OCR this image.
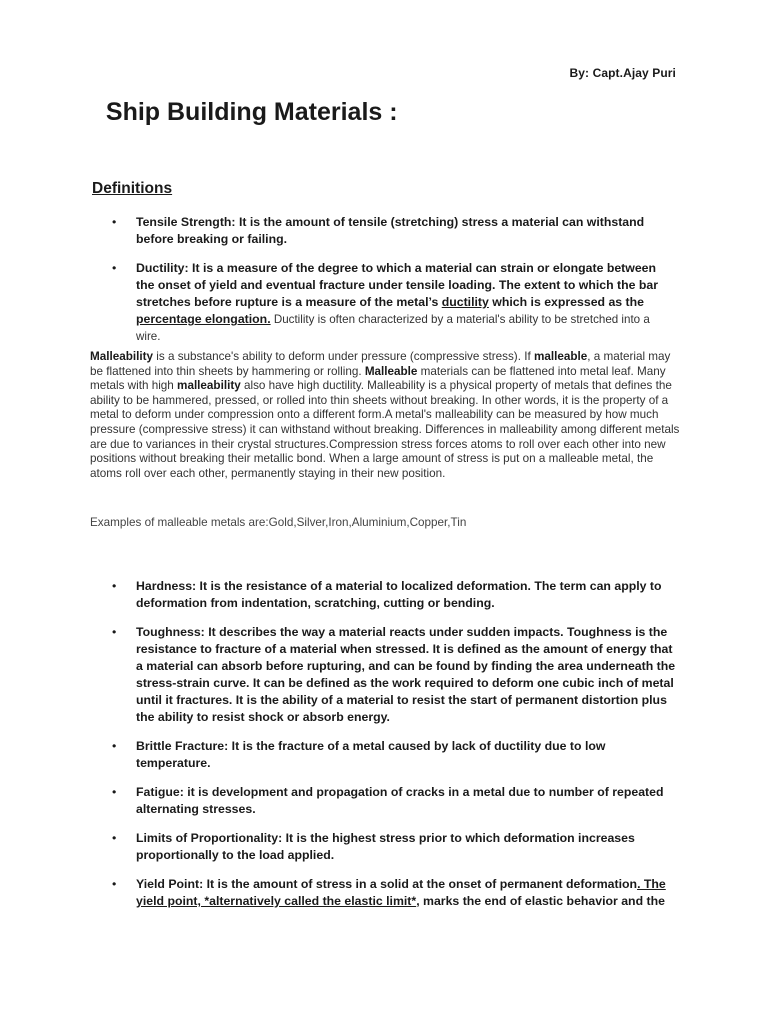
By: Capt.Ajay Puri
Ship Building Materials :
Definitions
• Tensile Strength: It is the amount of tensile (stretching) stress a material can withstand before breaking or failing.
• Ductility: It is a measure of the degree to which a material can strain or elongate between the onset of yield and eventual fracture under tensile loading. The extent to which the bar stretches before rupture is a measure of the metal’s ductility which is expressed as the percentage elongation. Ductility is often characterized by a material's ability to be stretched into a wire.

Malleability is a substance's ability to deform under pressure (compressive stress). If malleable, a material may be flattened into thin sheets by hammering or rolling. Malleable materials can be flattened into metal leaf. Many metals with high malleability also have high ductility. Malleability is a physical property of metals that defines the ability to be hammered, pressed, or rolled into thin sheets without breaking. In other words, it is the property of a metal to deform under compression onto a different form.A metal's malleability can be measured by how much pressure (compressive stress) it can withstand without breaking. Differences in malleability among different metals are due to variances in their crystal structures.Compression stress forces atoms to roll over each other into new positions without breaking their metallic bond. When a large amount of stress is put on a malleable metal, the atoms roll over each other, permanently staying in their new position.

Examples of malleable metals are:Gold,Silver,Iron,Aluminium,Copper,Tin

• Hardness: It is the resistance of a material to localized deformation. The term can apply to deformation from indentation, scratching, cutting or bending.
• Toughness: It describes the way a material reacts under sudden impacts. Toughness is the resistance to fracture of a material when stressed. It is defined as the amount of energy that a material can absorb before rupturing, and can be found by finding the area underneath the stress-strain curve. It can be defined as the work required to deform one cubic inch of metal until it fractures. It is the ability of a material to resist the start of permanent distortion plus the ability to resist shock or absorb energy.
• Brittle Fracture: It is the fracture of a metal caused by lack of ductility due to low temperature.
• Fatigue: it is development and propagation of cracks in a metal due to number of repeated alternating stresses.
• Limits of Proportionality: It is the highest stress prior to which deformation increases proportionally to the load applied.
• Yield Point: It is the amount of stress in a solid at the onset of permanent deformation. The yield point, *alternatively called the elastic limit*, marks the end of elastic behavior and the
